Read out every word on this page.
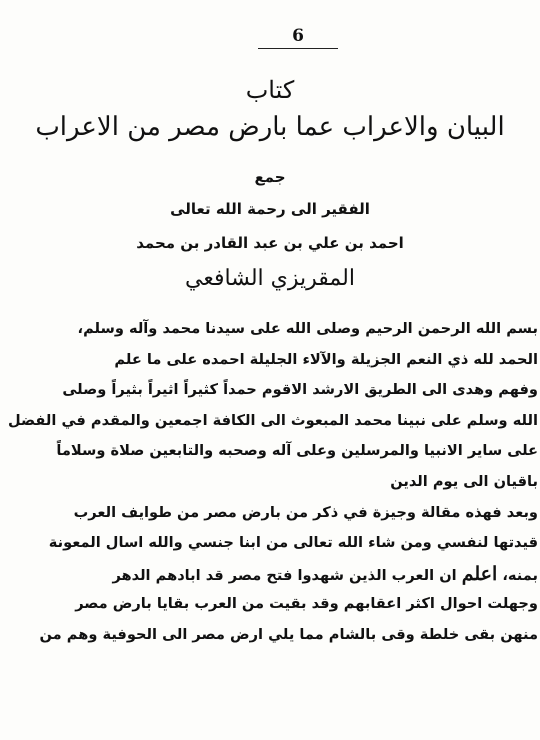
6
كتاب
البيان والاعراب عما بارض مصر من الاعراب
جمع
الفقير الى رحمة الله تعالى
احمد بن علي بن عبد القادر بن محمد
المقريزي الشافعي
بسم الله الرحمن الرحيم وصلى الله على سيدنا محمد وآله وسلم،
الحمد لله ذي النعم الجزيلة والآلاء الجليلة احمده على ما علم
وفهم وهدى الى الطريق الارشد الاقوم حمداً كثيراً اثيراً بثيراً وصلى
الله وسلم على نبينا محمد المبعوث الى الكافة اجمعين والمقدم في الفضل
على ساير الانبيا والمرسلين وعلى آله وصحبه والتابعين صلاة وسلاماً
باقيان الى يوم الدين
وبعد فهذه مقالة وجيزة في ذكر من بارض مصر من طوايف العرب
قيدتها لنفسي ومن شاء الله تعالى من ابنا جنسي والله اسال المعونة
بمنه، اعلم ان العرب الذين شهدوا فتح مصر قد ابادهم الدهر
وجهلت احوال اكثر اعقابهم وقد بقيت من العرب بقايا بارض مصر
منهن بقى خلطة وقى بالشام مما يلي ارض مصر الى الحوفية وهم من
